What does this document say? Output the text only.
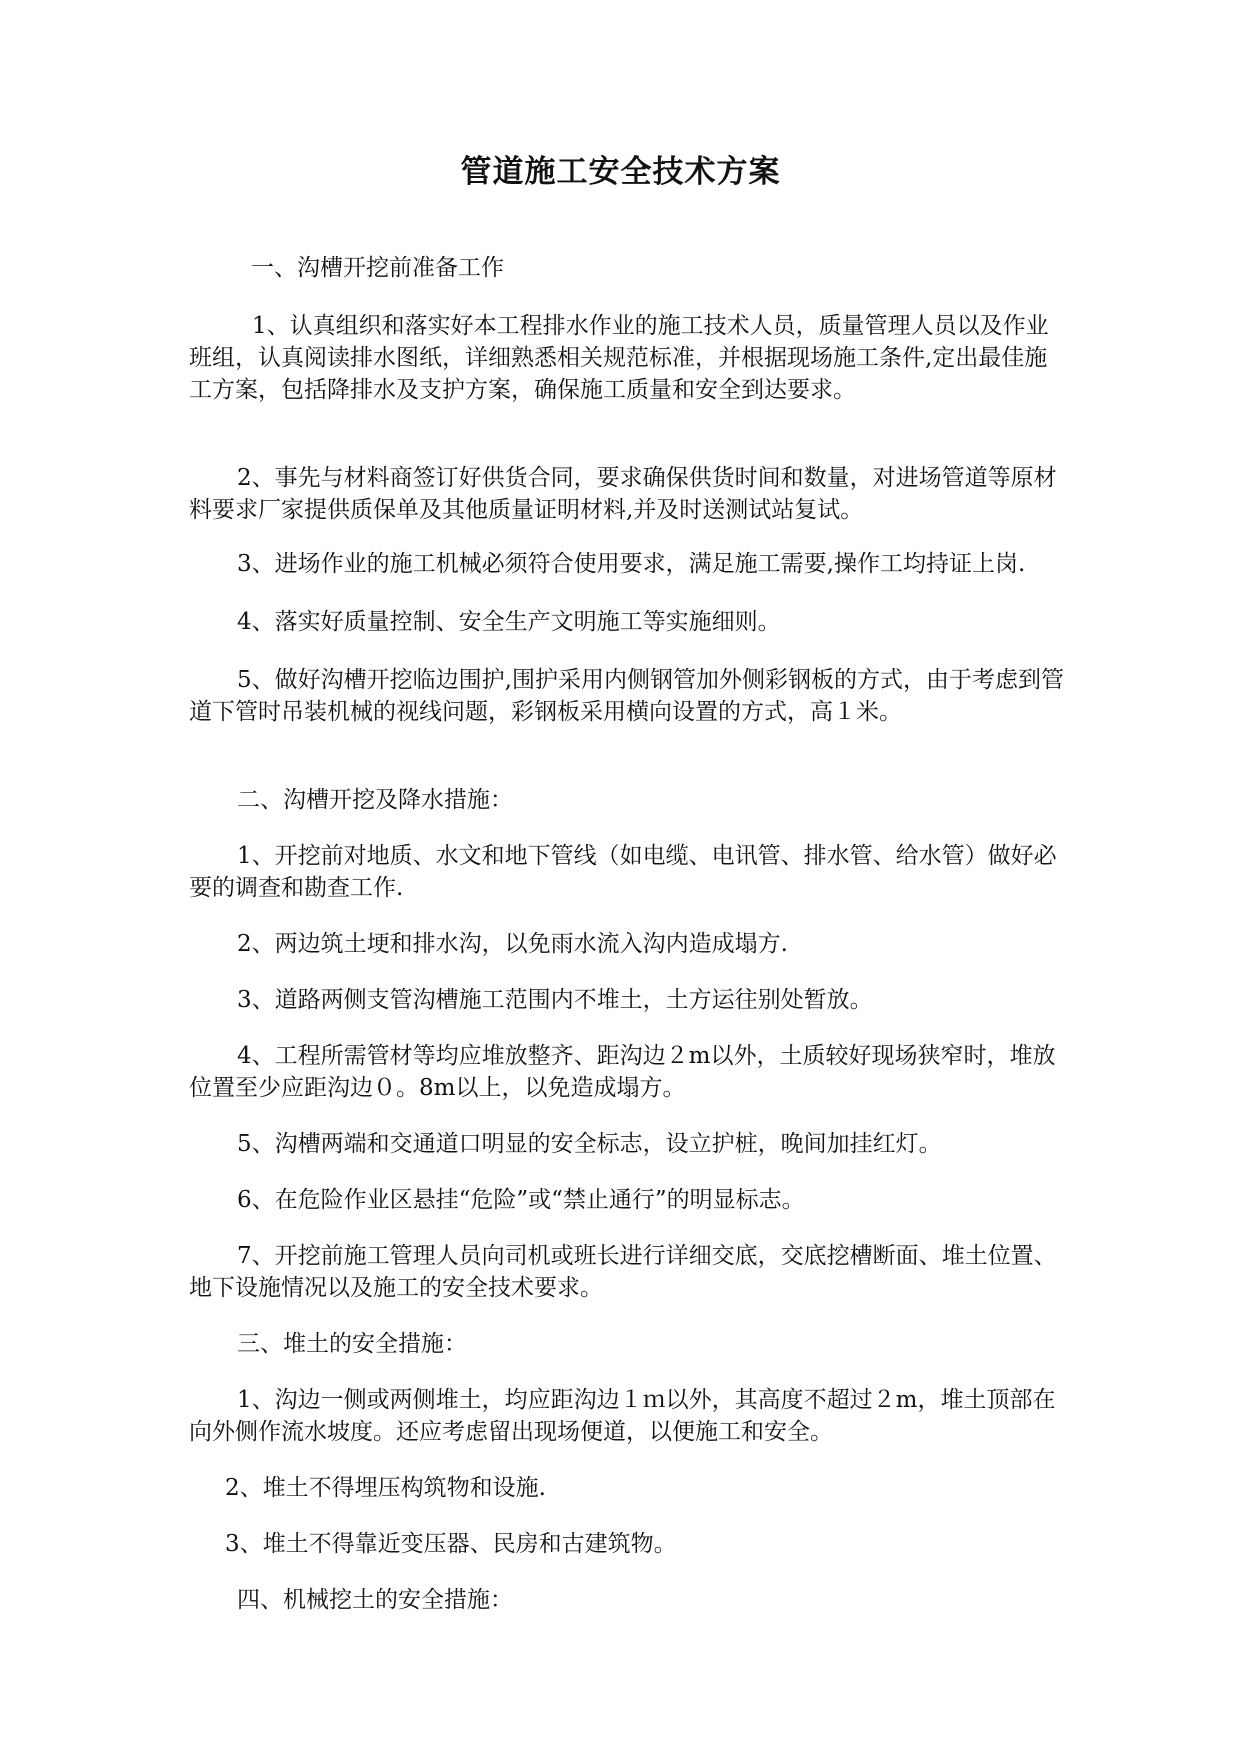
管道施工安全技术方案

一、沟槽开挖前准备工作

1、认真组织和落实好本工程排水作业的施工技术人员，质量管理人员以及作业班组，认真阅读排水图纸，详细熟悉相关规范标准，并根据现场施工条件,定出最佳施工方案，包括降排水及支护方案，确保施工质量和安全到达要求。

2、事先与材料商签订好供货合同，要求确保供货时间和数量，对进场管道等原材料要求厂家提供质保单及其他质量证明材料,并及时送测试站复试。

3、进场作业的施工机械必须符合使用要求，满足施工需要,操作工均持证上岗.

4、落实好质量控制、安全生产文明施工等实施细则。

5、做好沟槽开挖临边围护,围护采用内侧钢管加外侧彩钢板的方式，由于考虑到管道下管时吊装机械的视线问题，彩钢板采用横向设置的方式，高１米。

二、沟槽开挖及降水措施：

1、开挖前对地质、水文和地下管线（如电缆、电讯管、排水管、给水管）做好必要的调查和勘查工作.

2、两边筑土埂和排水沟，以免雨水流入沟内造成塌方.

3、道路两侧支管沟槽施工范围内不堆土，土方运往别处暂放。

4、工程所需管材等均应堆放整齐、距沟边２m以外，土质较好现场狭窄时，堆放位置至少应距沟边０。8m以上，以免造成塌方。

5、沟槽两端和交通道口明显的安全标志，设立护桩，晚间加挂红灯。

6、在危险作业区悬挂“危险”或“禁止通行”的明显标志。

7、开挖前施工管理人员向司机或班长进行详细交底，交底挖槽断面、堆土位置、地下设施情况以及施工的安全技术要求。

三、堆土的安全措施：

1、沟边一侧或两侧堆土，均应距沟边１ｍ以外，其高度不超过２m，堆土顶部在向外侧作流水坡度。还应考虑留出现场便道，以便施工和安全。

2、堆土不得埋压构筑物和设施.

3、堆土不得靠近变压器、民房和古建筑物。

四、机械挖土的安全措施：
